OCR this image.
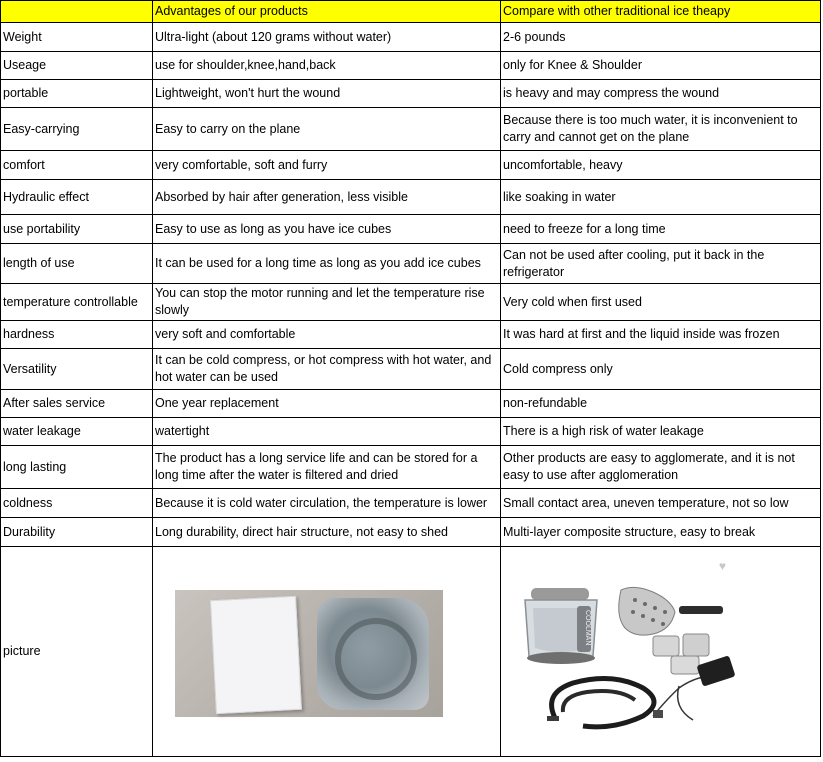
	Advantages of our products	Compare with other traditional ice theapy
Weight	Ultra-light (about 120 grams without water)	2-6 pounds
Useage	use for shoulder,knee,hand,back	only for Knee & Shoulder
portable	Lightweight, won't hurt the wound	is heavy and may compress the wound
Easy-carrying	Easy to carry on the plane	Because there is too much water, it is inconvenient to carry and cannot get on the plane
comfort	very comfortable, soft and furry	uncomfortable, heavy
Hydraulic effect	Absorbed by hair after generation, less visible	like soaking in water
use portability	Easy to use as long as you have ice cubes	need to freeze for a long time
length of use	It can be used for a long time as long as you add ice cubes	Can not be used after cooling, put it back in the refrigerator
temperature controllable	You can stop the motor running and let the temperature rise slowly	Very cold when first used
hardness	very soft and comfortable	It was hard at first and the liquid inside was frozen
Versatility	It can be cold compress, or hot compress with hot water, and hot water can be used	Cold compress only
After sales service	One year replacement	non-refundable
water leakage	watertight	There is a high risk of water leakage
long lasting	The product has a long service life and can be stored for a long time after the water is filtered and dried	Other products are easy to agglomerate, and it is not easy to use after agglomeration
coldness	Because it is cold water circulation, the temperature is lower	Small contact area, uneven temperature, not so low
Durability	Long durability, direct hair structure, not easy to shed	Multi-layer composite structure, easy to break
picture		♥
COOLMAN
